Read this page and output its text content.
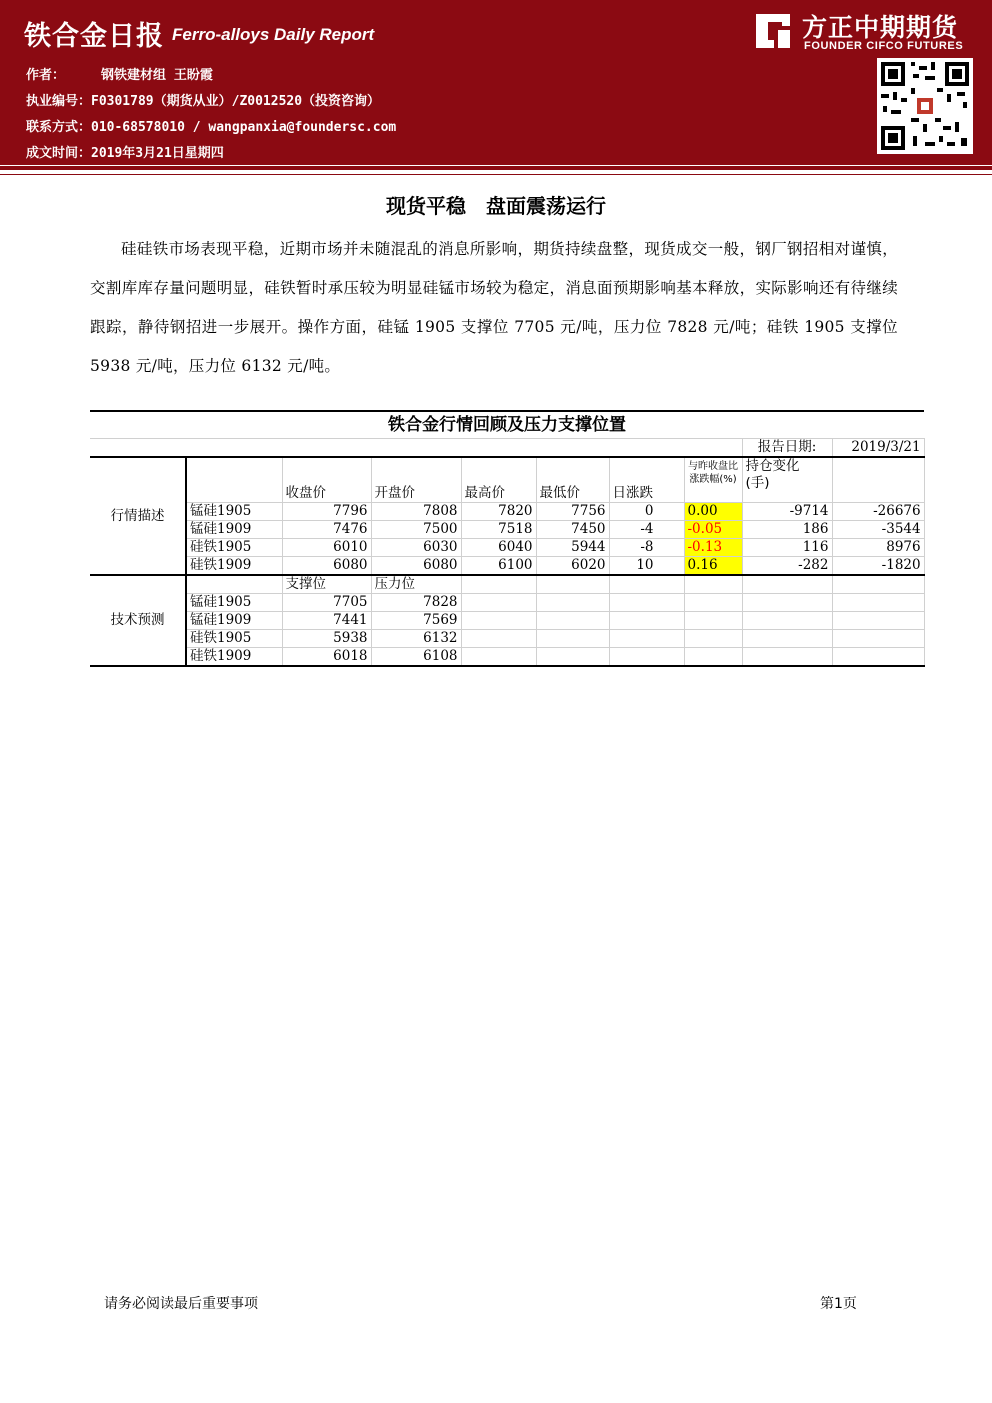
铁合金日报 Ferro-alloys Daily Report
作者：	钢铁建材组 王盼霞
执业编号：F0301789（期货从业）/Z0012520（投资咨询）
联系方式：010-68578010 / wangpanxia@foundersc.com
成文时间：2019年3月21日星期四
方正中期期货
FOUNDER CIFCO FUTURES
现货平稳　盘面震荡运行
硅硅铁市场表现平稳，近期市场并未随混乱的消息所影响，期货持续盘整，现货成交一般，钢厂钢招相对谨慎，交割库库存量问题明显，硅铁暂时承压较为明显硅锰市场较为稳定，消息面预期影响基本释放，实际影响还有待继续跟踪，静待钢招进一步展开。操作方面，硅锰 1905 支撑位 7705 元/吨，压力位 7828 元/吨；硅铁 1905 支撑位 5938 元/吨，压力位 6132 元/吨。
铁合金行情回顾及压力支撑位置									
								报告日期:	2019/3/21
行情描述		收盘价	开盘价	最高价	最低价	日涨跌	与昨收盘比涨跌幅(%)	持仓变化
(手)	

	锰硅1905	7796	7808	7820	7756	0	0.00	-9714	-26676
	锰硅1909	7476	7500	7518	7450	-4	-0.05	186	-3544
	硅铁1905	6010	6030	6040	5944	-8	-0.13	116	8976
	硅铁1909	6080	6080	6100	6020	10	0.16	-282	-1820
技术预测		支撑位	压力位						
	锰硅1905	7705	7828						
	锰硅1909	7441	7569						
	硅铁1905	5938	6132						
	硅铁1909	6018	6108						
请务必阅读最后重要事项	第1页
